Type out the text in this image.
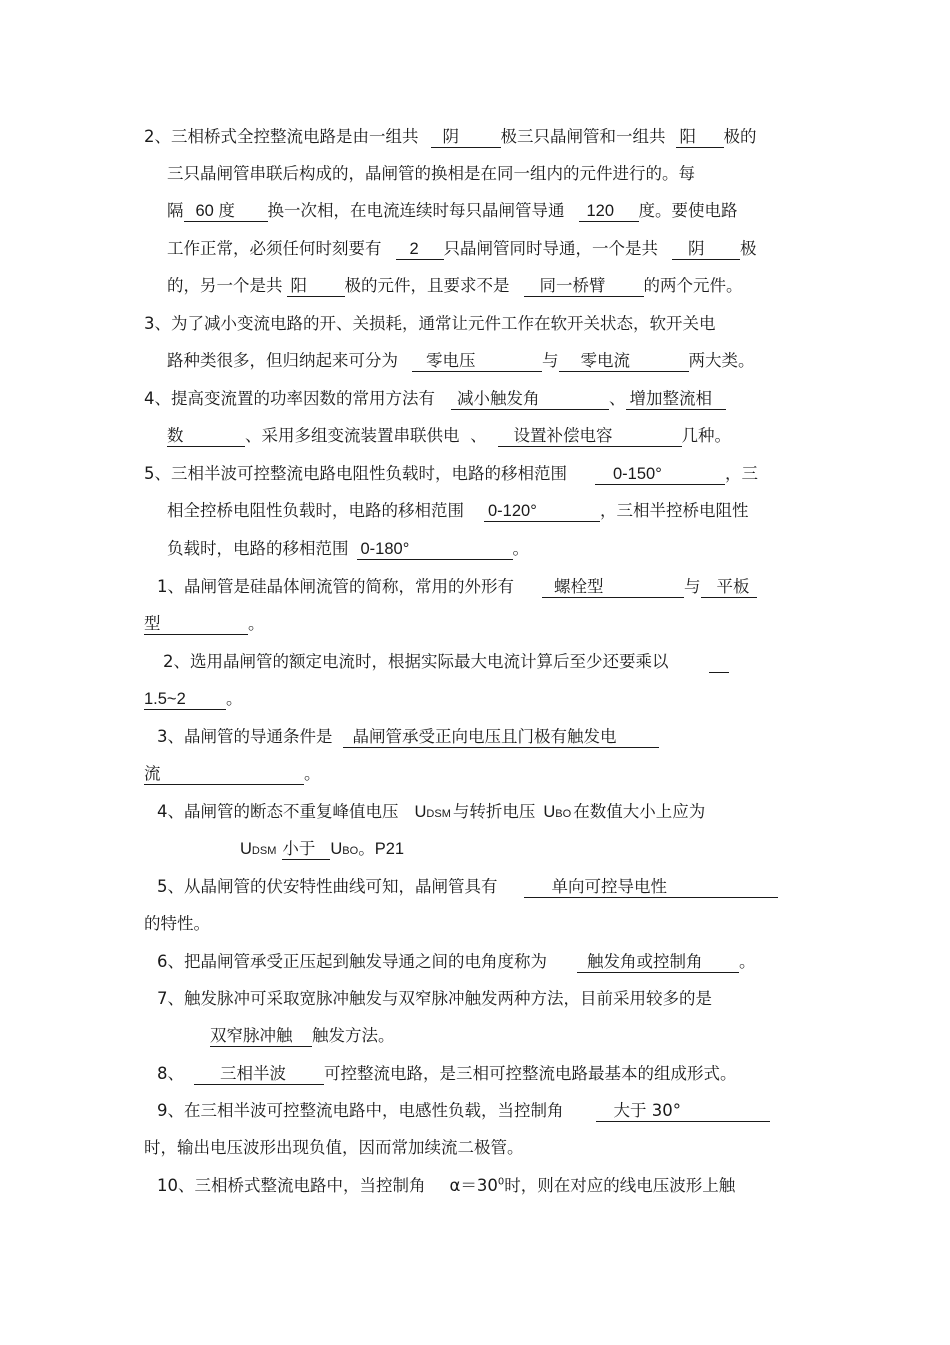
2、三相桥式全控整流电路是由一组共 阴	极三只晶闸管和一组共 阳 极的
三只晶闸管串联后构成的，晶闸管的换相是在同一组内的元件进行的。每
隔 60 度 换一次相，在电流连续时每只晶闸管导通 120 度。要使电路
工作正常，必须任何时刻要有 2 只晶闸管同时导通，一个是共 阴 极
的，另一个是共 阳 极的元件，且要求不是 同一桥臂 的两个元件。
3、为了减小变流电路的开、关损耗，通常让元件工作在软开关状态，软开关电
路种类很多，但归纳起来可分为 零电压	与 零电流	两大类。
4、提高变流置的功率因数的常用方法有 减小触发角	、 增加整流相
数	、采用多组变流装置串联供电 、 设置补偿电容	几种。
5、三相半波可控整流电路电阻性负载时，电路的移相范围	0-150°	，三
相全控桥电阻性负载时，电路的移相范围 0-120°	，三相半控桥电阻性
负载时，电路的移相范围 0-180°	。
1、晶闸管是硅晶体闸流管的简称，常用的外形有 螺栓型	与 平板
型	。
2、选用晶闸管的额定电流时，根据实际最大电流计算后至少还要乘以
1.5~2 。
3、晶闸管的导通条件是 晶闸管承受正向电压且门极有触发电
流	。
4、晶闸管的断态不重复峰值电压 UDSM 与转折电压 UBO 在数值大小上应为
UDSM 小于 UBO。P21
5、从晶闸管的伏安特性曲线可知，晶闸管具有	单向可控导电性
的特性。
6、把晶闸管承受正压起到触发导通之间的电角度称为 触发角或控制角 。
7、触发脉冲可采取宽脉冲触发与双窄脉冲触发两种方法，目前采用较多的是
双窄脉冲触 触发方法。
8、 三相半波 可控整流电路，是三相可控整流电路最基本的组成形式。
9、在三相半波可控整流电路中，电感性负载，当控制角	大于 30°
时，输出电压波形出现负值，因而常加续流二极管。
10、三相桥式整流电路中，当控制角 $\alpha=30^0$时，则在对应的线电压波形上触
